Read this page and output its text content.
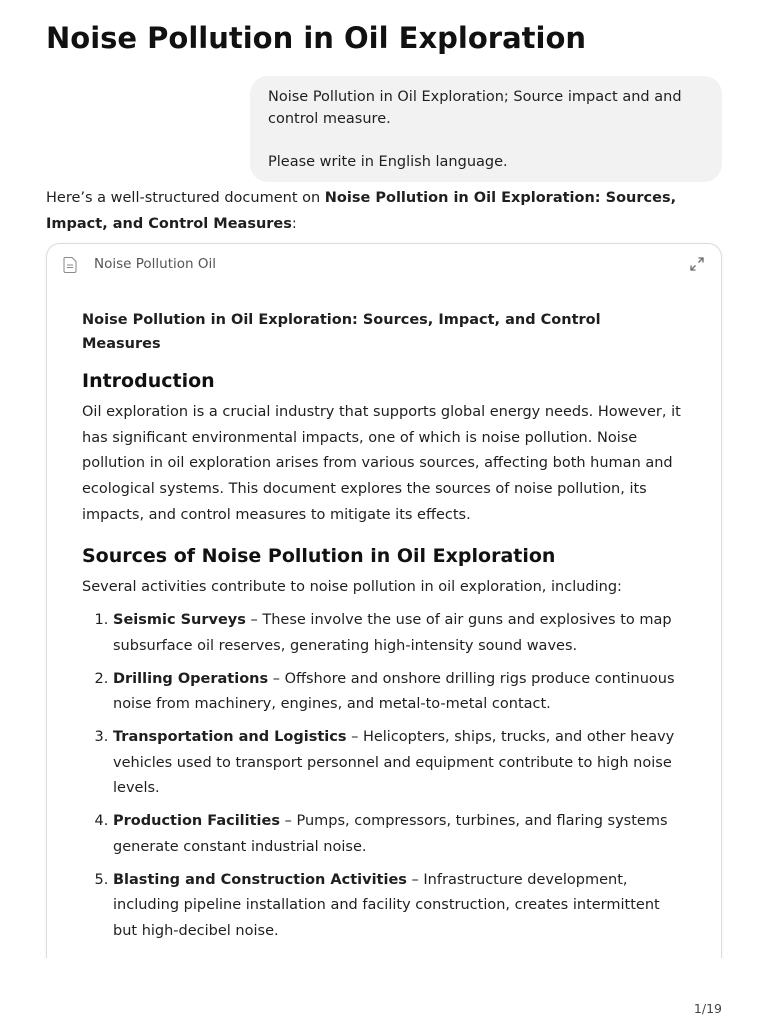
Noise Pollution in Oil Exploration

Noise Pollution in Oil Exploration; Source impact and and control measure.

Please write in English language.

Here’s a well-structured document on Noise Pollution in Oil Exploration: Sources, Impact, and Control Measures:

Noise Pollution Oil

Noise Pollution in Oil Exploration: Sources, Impact, and Control Measures

Introduction

Oil exploration is a crucial industry that supports global energy needs. However, it has significant environmental impacts, one of which is noise pollution. Noise pollution in oil exploration arises from various sources, affecting both human and ecological systems. This document explores the sources of noise pollution, its impacts, and control measures to mitigate its effects.

Sources of Noise Pollution in Oil Exploration

Several activities contribute to noise pollution in oil exploration, including:

1. Seismic Surveys – These involve the use of air guns and explosives to map subsurface oil reserves, generating high-intensity sound waves.
2. Drilling Operations – Offshore and onshore drilling rigs produce continuous noise from machinery, engines, and metal-to-metal contact.
3. Transportation and Logistics – Helicopters, ships, trucks, and other heavy vehicles used to transport personnel and equipment contribute to high noise levels.
4. Production Facilities – Pumps, compressors, turbines, and flaring systems generate constant industrial noise.
5. Blasting and Construction Activities – Infrastructure development, including pipeline installation and facility construction, creates intermittent but high-decibel noise.
1/19
